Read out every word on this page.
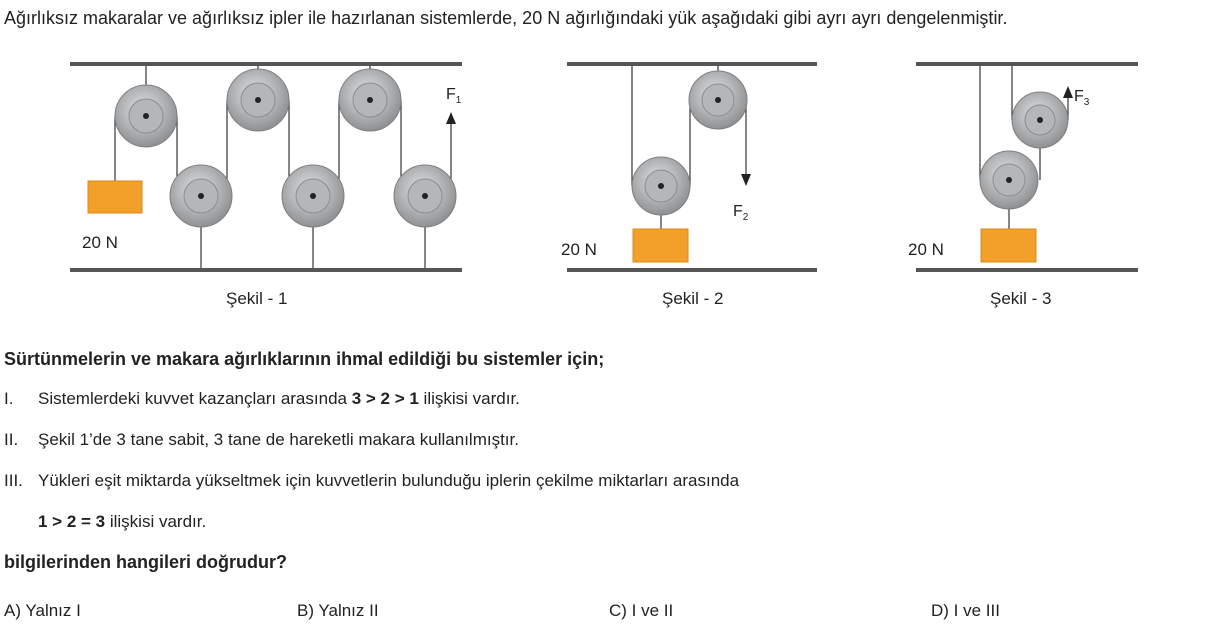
Ağırlıksız makaralar ve ağırlıksız ipler ile hazırlanan sistemlerde, 20 N ağırlığındaki yük aşağıdaki gibi ayrı ayrı dengelenmiştir.
20 N
$F_1$
Şekil - 1
20 N
$F_2$
Şekil - 2
20 N
$F_3$
Şekil - 3
Sürtünmelerin ve makara ağırlıklarının ihmal edildiği bu sistemler için;
I. Sistemlerdeki kuvvet kazançları arasında 3 > 2 > 1 ilişkisi vardır.
II. Şekil 1’de 3 tane sabit, 3 tane de hareketli makara kullanılmıştır.
III. Yükleri eşit miktarda yükseltmek için kuvvetlerin bulunduğu iplerin çekilme miktarları arasında
1 > 2 = 3 ilişkisi vardır.
bilgilerinden hangileri doğrudur?
A) Yalnız I	B) Yalnız II	C) I ve II	D) I ve III
